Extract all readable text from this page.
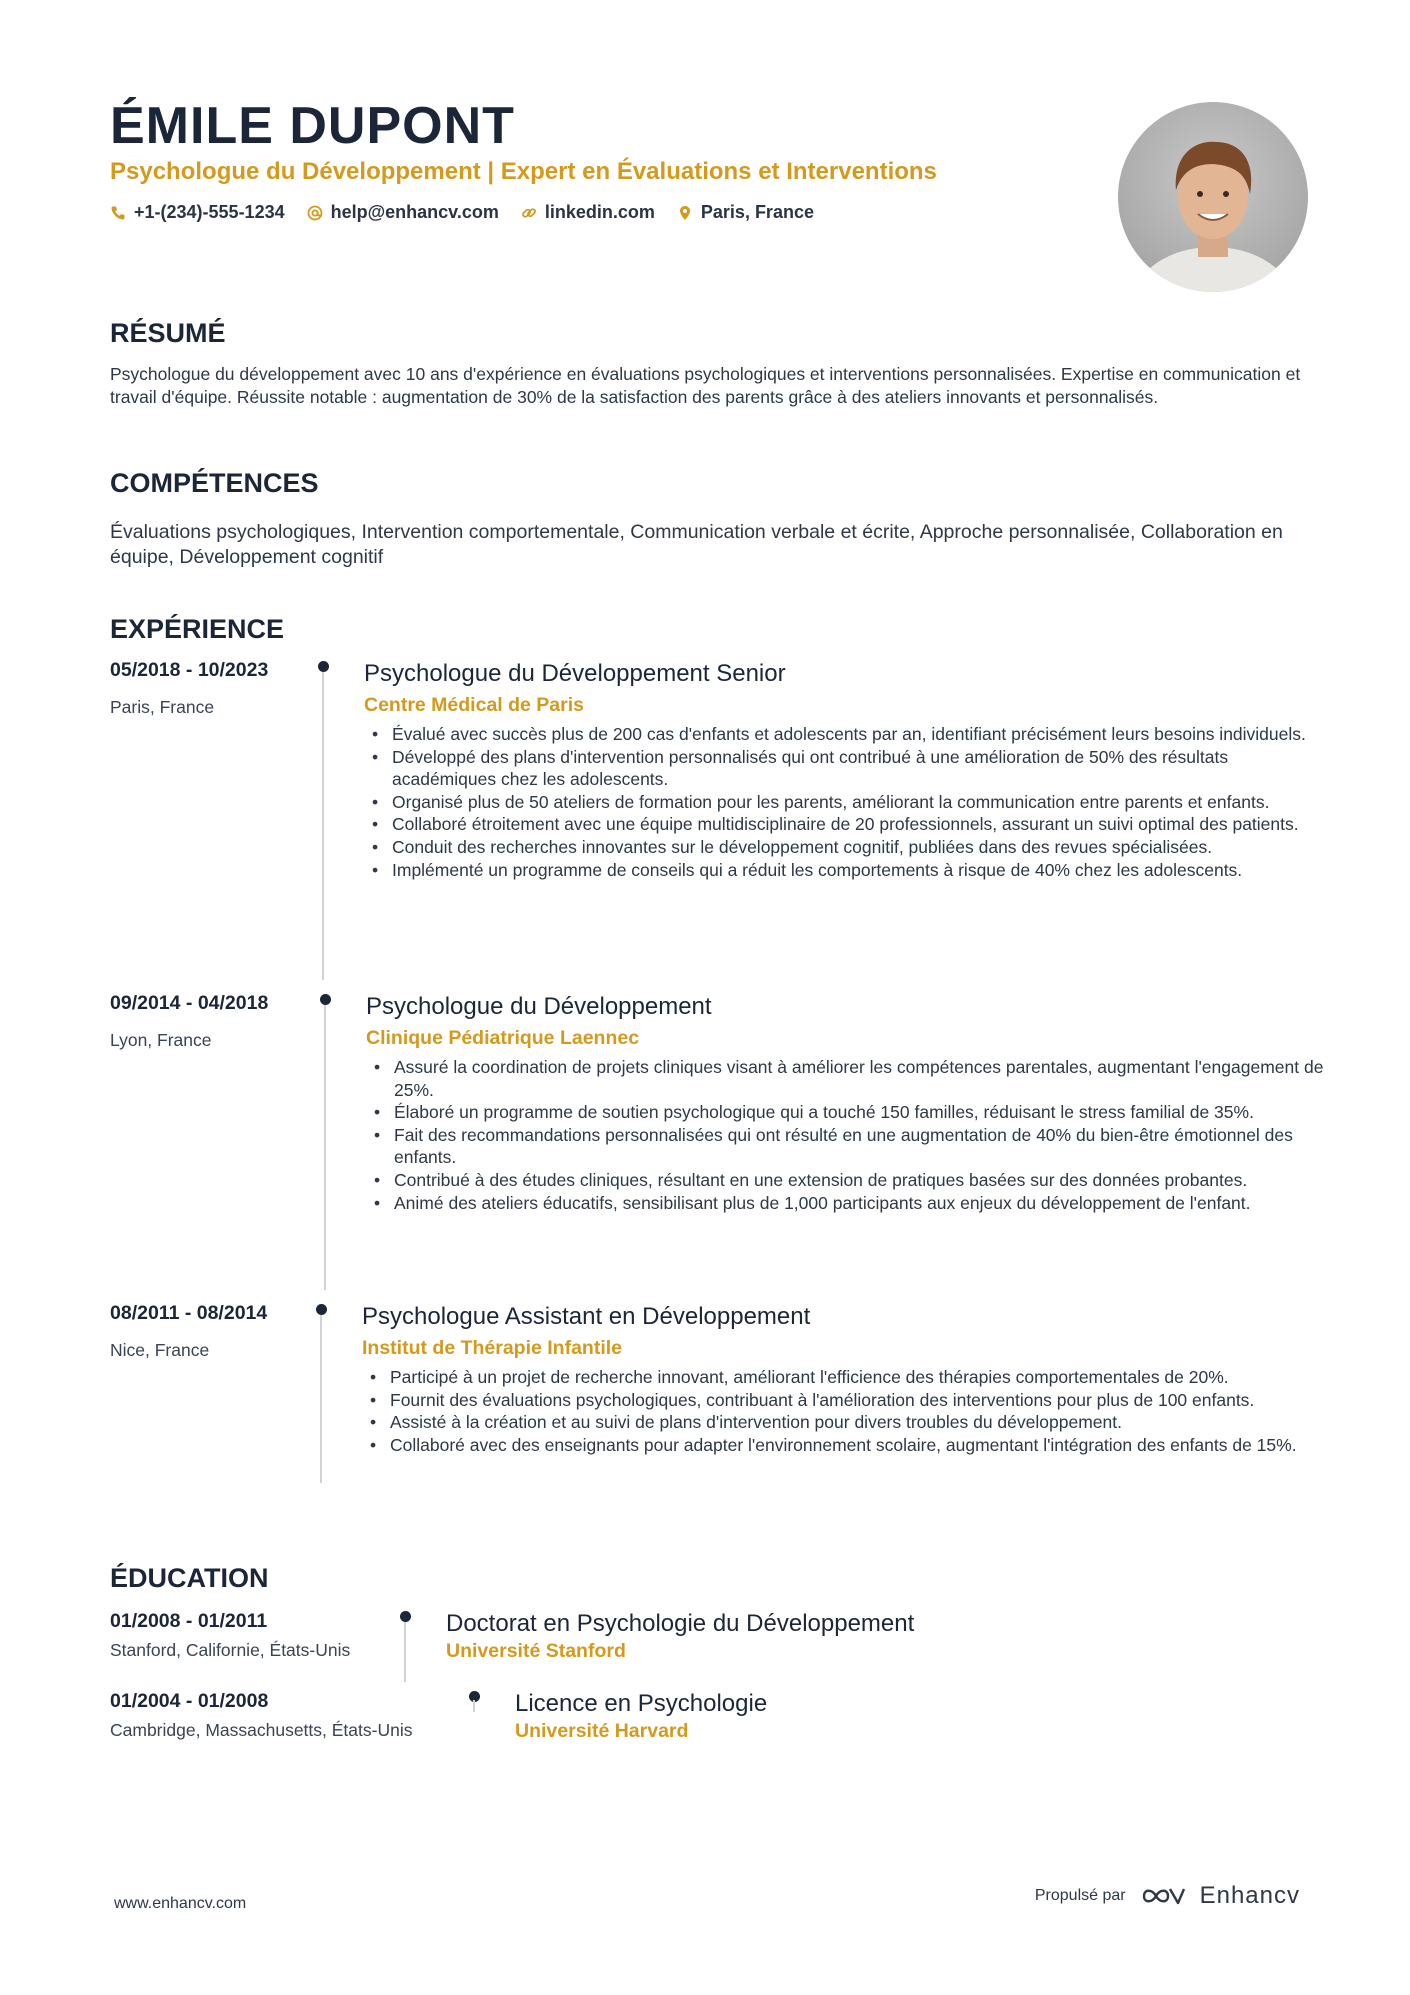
ÉMILE DUPONT

Psychologue du Développement | Expert en Évaluations et Interventions

+1-(234)-555-1234	help@enhancv.com	linkedin.com	Paris, France
RÉSUMÉ

Psychologue du développement avec 10 ans d'expérience en évaluations psychologiques et interventions personnalisées. Expertise en communication et travail d'équipe. Réussite notable : augmentation de 30% de la satisfaction des parents grâce à des ateliers innovants et personnalisés.

COMPÉTENCES

Évaluations psychologiques, Intervention comportementale, Communication verbale et écrite, Approche personnalisée, Collaboration en équipe, Développement cognitif

EXPÉRIENCE
05/2018 - 10/2023
Paris, France
Psychologue du Développement Senior
Centre Médical de Paris
• Évalué avec succès plus de 200 cas d'enfants et adolescents par an, identifiant précisément leurs besoins individuels.
• Développé des plans d'intervention personnalisés qui ont contribué à une amélioration de 50% des résultats académiques chez les adolescents.
• Organisé plus de 50 ateliers de formation pour les parents, améliorant la communication entre parents et enfants.
• Collaboré étroitement avec une équipe multidisciplinaire de 20 professionnels, assurant un suivi optimal des patients.
• Conduit des recherches innovantes sur le développement cognitif, publiées dans des revues spécialisées.
• Implémenté un programme de conseils qui a réduit les comportements à risque de 40% chez les adolescents.
09/2014 - 04/2018
Lyon, France
Psychologue du Développement
Clinique Pédiatrique Laennec
• Assuré la coordination de projets cliniques visant à améliorer les compétences parentales, augmentant l'engagement de 25%.
• Élaboré un programme de soutien psychologique qui a touché 150 familles, réduisant le stress familial de 35%.
• Fait des recommandations personnalisées qui ont résulté en une augmentation de 40% du bien-être émotionnel des enfants.
• Contribué à des études cliniques, résultant en une extension de pratiques basées sur des données probantes.
• Animé des ateliers éducatifs, sensibilisant plus de 1,000 participants aux enjeux du développement de l'enfant.
08/2011 - 08/2014
Nice, France
Psychologue Assistant en Développement
Institut de Thérapie Infantile
• Participé à un projet de recherche innovant, améliorant l'efficience des thérapies comportementales de 20%.
• Fournit des évaluations psychologiques, contribuant à l'amélioration des interventions pour plus de 100 enfants.
• Assisté à la création et au suivi de plans d'intervention pour divers troubles du développement.
• Collaboré avec des enseignants pour adapter l'environnement scolaire, augmentant l'intégration des enfants de 15%.
ÉDUCATION
01/2008 - 01/2011
Stanford, Californie, États-Unis
Doctorat en Psychologie du Développement
Université Stanford
01/2004 - 01/2008
Cambridge, Massachusetts, États-Unis
Licence en Psychologie
Université Harvard
www.enhancv.com	Propulsé par	Enhancv
